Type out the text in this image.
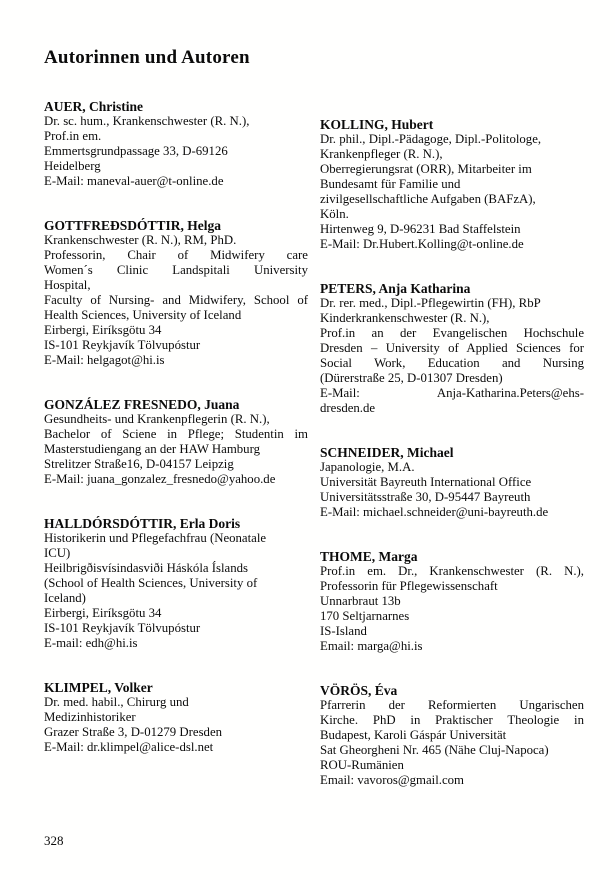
Autorinnen und Autoren
AUER, Christine
Dr. sc. hum., Krankenschwester (R. N.),
Prof.in em.
Emmertsgrundpassage 33, D-69126
Heidelberg
E-Mail: maneval-auer@t-online.de
GOTTFREÐSDÓTTIR, Helga
Krankenschwester (R. N.), RM, PhD.
Professorin, Chair of Midwifery care
Women´s Clinic Landspitali University
Hospital,
Faculty of Nursing- and Midwifery, School of
Health Sciences, University of Iceland
Eirbergi, Eiríksgötu 34
IS-101 Reykjavík Tölvupóstur
E-Mail: helgagot@hi.is
GONZÁLEZ FRESNEDO, Juana
Gesundheits- und Krankenpflegerin (R. N.),
Bachelor of Sciene in Pflege; Studentin im
Masterstudiengang an der HAW Hamburg
Strelitzer Straße16, D-04157 Leipzig
E-Mail: juana_gonzalez_fresnedo@yahoo.de
HALLDÓRSDÓTTIR, Erla Doris
Historikerin und Pflegefachfrau (Neonatale
ICU)
Heilbrigðisvísindasviði Háskóla Íslands
(School of Health Sciences, University of
Iceland)
Eirbergi, Eiríksgötu 34
IS-101 Reykjavík Tölvupóstur
E-mail: edh@hi.is
KLIMPEL, Volker
Dr. med. habil., Chirurg und
Medizinhistoriker
Grazer Straße 3, D-01279 Dresden
E-Mail: dr.klimpel@alice-dsl.net
KOLLING, Hubert
Dr. phil., Dipl.-Pädagoge, Dipl.-Politologe,
Krankenpfleger (R. N.),
Oberregierungsrat (ORR), Mitarbeiter im
Bundesamt für Familie und
zivilgesellschaftliche Aufgaben (BAFzA),
Köln.
Hirtenweg 9, D-96231 Bad Staffelstein
E-Mail: Dr.Hubert.Kolling@t-online.de
PETERS, Anja Katharina
Dr. rer. med., Dipl.-Pflegewirtin (FH), RbP
Kinderkrankenschwester (R. N.),
Prof.in an der Evangelischen Hochschule
Dresden – University of Applied Sciences for
Social Work, Education and Nursing
(Dürerstraße 25, D-01307 Dresden)
E-Mail: Anja-Katharina.Peters@ehs-
dresden.de
SCHNEIDER, Michael
Japanologie, M.A.
Universität Bayreuth International Office
Universitätsstraße 30, D-95447 Bayreuth
E-Mail: michael.schneider@uni-bayreuth.de
THOME, Marga
Prof.in em. Dr., Krankenschwester (R. N.),
Professorin für Pflegewissenschaft
Unnarbraut 13b
170 Seltjarnarnes
IS-Island
Email: marga@hi.is
VÖRÖS, Éva
Pfarrerin der Reformierten Ungarischen
Kirche. PhD in Praktischer Theologie in
Budapest, Karoli Gáspár Universität
Sat Gheorgheni Nr. 465 (Nähe Cluj-Napoca)
ROU-Rumänien
Email: vavoros@gmail.com
328
